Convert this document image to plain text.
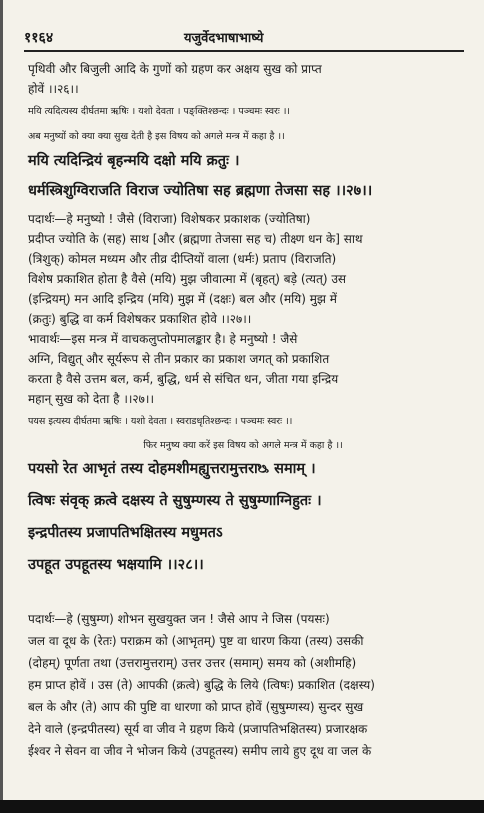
११६४	यजुर्वेदभाषाभाष्ये
पृथिवी और बिजुली आदि के गुणों को ग्रहण कर अक्षय सुख को प्राप्त
होवें ।।२६।।
मयि त्यदित्यस्य दीर्घतमा ऋषिः । यशो देवता । पङ्क्तिश्छन्दः । पञ्चमः स्वरः ।।
अब मनुष्यों को क्या क्या सुख देती है इस विषय को अगले मन्त्र में कहा है ।।
मयि त्यदिन्द्रियं बृहन्मयि दक्षो मयि क्रतुः ।
धर्मस्त्रिशुग्विराजति विराज ज्योतिषा सह ब्रह्मणा तेजसा सह ।।२७।।
पदार्थः—हे मनुष्यो ! जैसे (विराजा) विशेषकर प्रकाशक (ज्योतिषा)
प्रदीप्त ज्योति के (सह) साथ [और (ब्रह्मणा तेजसा सह च) तीक्ष्ण धन के] साथ
(त्रिशुक्) कोमल मध्यम और तीव्र दीप्तियों वाला (धर्मः) प्रताप (विराजति)
विशेष प्रकाशित होता है वैसे (मयि) मुझ जीवात्मा में (बृहत्) बड़े (त्यत्) उस
(इन्द्रियम्) मन आदि इन्द्रिय (मयि) मुझ में (दक्षः) बल और (मयि) मुझ में
(क्रतुः) बुद्धि वा कर्म विशेषकर प्रकाशित होवे ।।२७।।
भावार्थः—इस मन्त्र में वाचकलुप्तोपमालङ्कार है। हे मनुष्यो ! जैसे
अग्नि, विद्युत् और सूर्यरूप से तीन प्रकार का प्रकाश जगत् को प्रकाशित
करता है वैसे उत्तम बल, कर्म, बुद्धि, धर्म से संचित धन, जीता गया इन्द्रिय
महान् सुख को देता है ।।२७।।
पयस इत्यस्य दीर्घतमा ऋषिः । यशो देवता । स्वराडधृतिश्छन्दः । पञ्चमः स्वरः ।।
फिर मनुष्य क्या करें इस विषय को अगले मन्त्र में कहा है ।।
पयसो रेत आभृतं तस्य दोहमशीमह्युत्तरामुत्तराᳬ समाम् ।
त्विषः संवृक् क्रत्वे दक्षस्य ते सुषुम्णस्य ते सुषुम्णाग्निहुतः ।
इन्द्रपीतस्य प्रजापतिभक्षितस्य मधुमतऽ
उपहूत उपहूतस्य भक्षयामि ।।२८।।
पदार्थः—हे (सुषुम्ण) शोभन सुखयुक्त जन ! जैसे आप ने जिस (पयसः)
जल वा दूध के (रेतः) पराक्रम को (आभृतम्) पुष्ट वा धारण किया (तस्य) उसकी
(दोहम्) पूर्णता तथा (उत्तरामुत्तराम्) उत्तर उत्तर (समाम्) समय को (अशीमहि)
हम प्राप्त होवें । उस (ते) आपकी (क्रत्वे) बुद्धि के लिये (त्विषः) प्रकाशित (दक्षस्य)
बल के और (ते) आप की पुष्टि वा धारणा को प्राप्त होवें (सुषुम्णस्य) सुन्दर सुख
देने वाले (इन्द्रपीतस्य) सूर्य वा जीव ने ग्रहण किये (प्रजापतिभक्षितस्य) प्रजारक्षक
ईश्वर ने सेवन वा जीव ने भोजन किये (उपहूतस्य) समीप लाये हुए दूध वा जल के
